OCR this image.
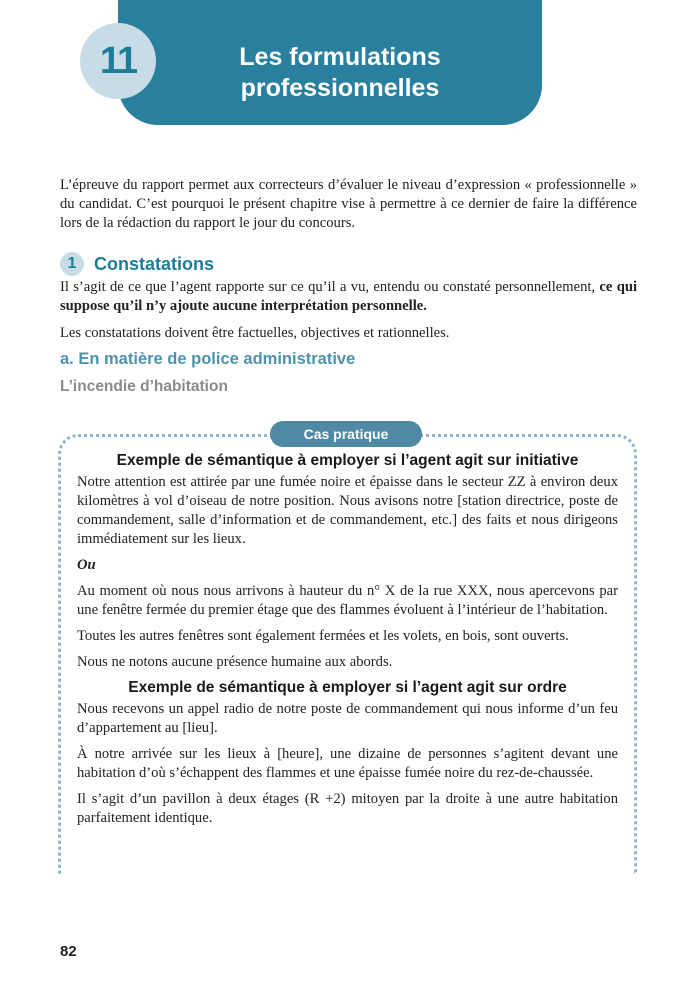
11	Les formulations professionnelles

L’épreuve du rapport permet aux correcteurs d’évaluer le niveau d’expression « professionnelle » du candidat. C’est pourquoi le présent chapitre vise à permettre à ce dernier de faire la différence lors de la rédaction du rapport le jour du concours.

1 Constatations

Il s’agit de ce que l’agent rapporte sur ce qu’il a vu, entendu ou constaté personnellement, ce qui suppose qu’il n’y ajoute aucune interprétation personnelle.

Les constatations doivent être factuelles, objectives et rationnelles.

a. En matière de police administrative
L’incendie d’habitation
Cas pratique
Exemple de sémantique à employer si l’agent agit sur initiative

Notre attention est attirée par une fumée noire et épaisse dans le secteur ZZ à environ deux kilomètres à vol d’oiseau de notre position. Nous avisons notre [station directrice, poste de commandement, salle d’information et de commandement, etc.] des faits et nous dirigeons immédiatement sur les lieux.

Ou

Au moment où nous nous arrivons à hauteur du n° X de la rue XXX, nous apercevons par une fenêtre fermée du premier étage que des flammes évoluent à l’intérieur de l’habitation.

Toutes les autres fenêtres sont également fermées et les volets, en bois, sont ouverts.

Nous ne notons aucune présence humaine aux abords.

Exemple de sémantique à employer si l’agent agit sur ordre

Nous recevons un appel radio de notre poste de commandement qui nous informe d’un feu d’appartement au [lieu].

À notre arrivée sur les lieux à [heure], une dizaine de personnes s’agitent devant une habitation d’où s’échappent des flammes et une épaisse fumée noire du rez-de-chaussée.

Il s’agit d’un pavillon à deux étages (R +2) mitoyen par la droite à une autre habitation parfaitement identique.

82
